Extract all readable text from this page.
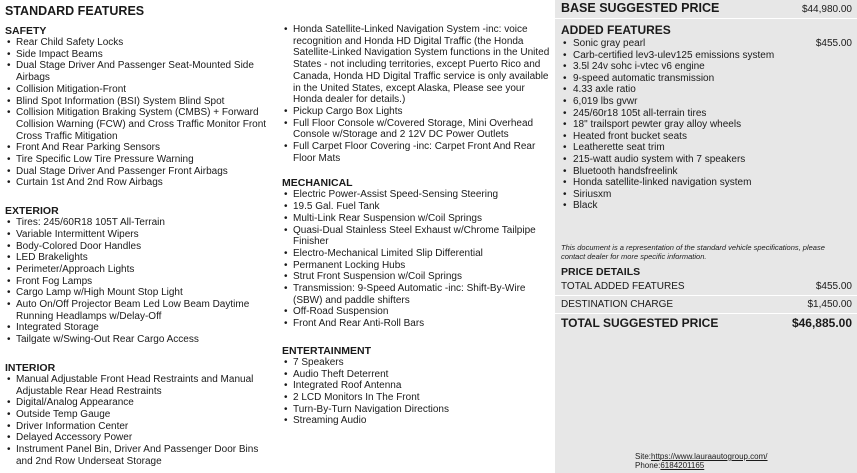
STANDARD FEATURES
SAFETY
• Rear Child Safety Locks
• Side Impact Beams
• Dual Stage Driver And Passenger Seat-Mounted Side Airbags
• Collision Mitigation-Front
• Blind Spot Information (BSI) System Blind Spot
• Collision Mitigation Braking System (CMBS) + Forward Collision Warning (FCW) and Cross Traffic Monitor Front Cross Traffic Mitigation
• Front And Rear Parking Sensors
• Tire Specific Low Tire Pressure Warning
• Dual Stage Driver And Passenger Front Airbags
• Curtain 1st And 2nd Row Airbags
EXTERIOR
• Tires: 245/60R18 105T All-Terrain
• Variable Intermittent Wipers
• Body-Colored Door Handles
• LED Brakelights
• Perimeter/Approach Lights
• Front Fog Lamps
• Cargo Lamp w/High Mount Stop Light
• Auto On/Off Projector Beam Led Low Beam Daytime Running Headlamps w/Delay-Off
• Integrated Storage
• Tailgate w/Swing-Out Rear Cargo Access
INTERIOR
• Manual Adjustable Front Head Restraints and Manual Adjustable Rear Head Restraints
• Digital/Analog Appearance
• Outside Temp Gauge
• Driver Information Center
• Delayed Accessory Power
• Instrument Panel Bin, Driver And Passenger Door Bins and 2nd Row Underseat Storage
• Honda Satellite-Linked Navigation System -inc: voice recognition and Honda HD Digital Traffic (the Honda Satellite-Linked Navigation System functions in the United States - not including territories, except Puerto Rico and Canada, Honda HD Digital Traffic service is only available in the United States, except Alaska, Please see your Honda dealer for details.)
• Pickup Cargo Box Lights
• Full Floor Console w/Covered Storage, Mini Overhead Console w/Storage and 2 12V DC Power Outlets
• Full Carpet Floor Covering -inc: Carpet Front And Rear Floor Mats
MECHANICAL
• Electric Power-Assist Speed-Sensing Steering
• 19.5 Gal. Fuel Tank
• Multi-Link Rear Suspension w/Coil Springs
• Quasi-Dual Stainless Steel Exhaust w/Chrome Tailpipe Finisher
• Electro-Mechanical Limited Slip Differential
• Permanent Locking Hubs
• Strut Front Suspension w/Coil Springs
• Transmission: 9-Speed Automatic -inc: Shift-By-Wire (SBW) and paddle shifters
• Off-Road Suspension
• Front And Rear Anti-Roll Bars
ENTERTAINMENT
• 7 Speakers
• Audio Theft Deterrent
• Integrated Roof Antenna
• 2 LCD Monitors In The Front
• Turn-By-Turn Navigation Directions
• Streaming Audio
BASE SUGGESTED PRICE	$44,980.00
ADDED FEATURES
• Sonic gray pearl	$455.00
• Carb-certified lev3-ulev125 emissions system
• 3.5l 24v sohc i-vtec v6 engine
• 9-speed automatic transmission
• 4.33 axle ratio
• 6,019 lbs gvwr
• 245/60r18 105t all-terrain tires
• 18" trailsport pewter gray alloy wheels
• Heated front bucket seats
• Leatherette seat trim
• 215-watt audio system with 7 speakers
• Bluetooth handsfreelink
• Honda satellite-linked navigation system
• Siriusxm
• Black
This document is a representation of the standard vehicle specifications, please contact dealer for more specific information.
PRICE DETAILS
TOTAL ADDED FEATURES	$455.00
DESTINATION CHARGE	$1,450.00
TOTAL SUGGESTED PRICE	$46,885.00
Site:https://www.lauraautogroup.com/
Phone:6184201165
